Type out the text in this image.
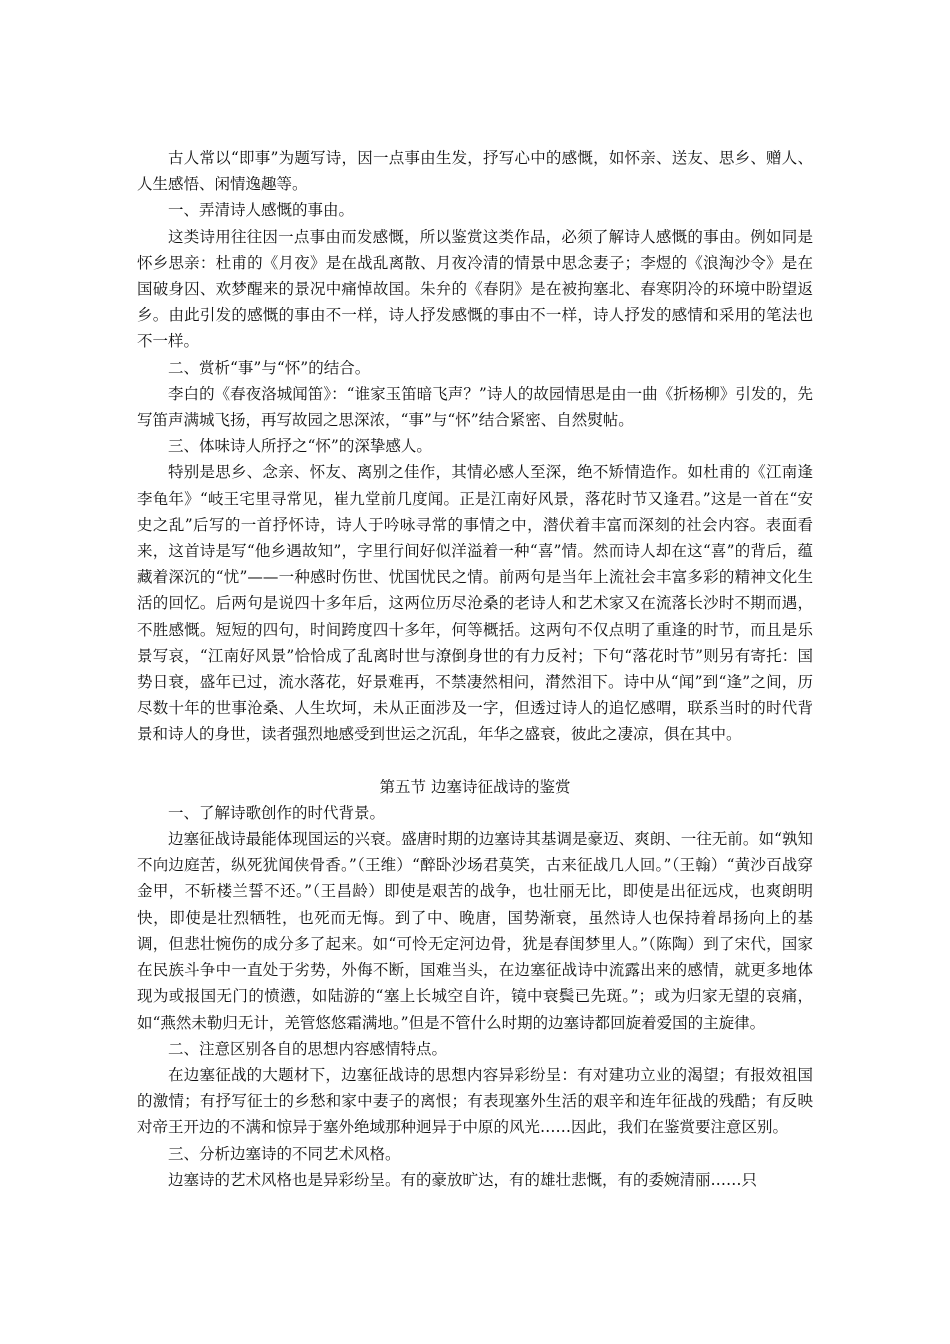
古人常以“即事”为题写诗，因一点事由生发，抒写心中的感慨，如怀亲、送友、思乡、赠人、人生感悟、闲情逸趣等。

一、弄清诗人感慨的事由。

这类诗用往往因一点事由而发感慨，所以鉴赏这类作品，必须了解诗人感慨的事由。例如同是怀乡思亲：杜甫的《月夜》是在战乱离散、月夜冷清的情景中思念妻子；李煜的《浪淘沙令》是在国破身囚、欢梦醒来的景况中痛悼故国。朱弁的《春阴》是在被拘塞北、春寒阴冷的环境中盼望返乡。由此引发的感慨的事由不一样，诗人抒发感慨的事由不一样，诗人抒发的感情和采用的笔法也不一样。

二、赏析“事”与“怀”的结合。

李白的《春夜洛城闻笛》：“谁家玉笛暗飞声？”诗人的故园情思是由一曲《折杨柳》引发的，先写笛声满城飞扬，再写故园之思深浓，“事”与“怀”结合紧密、自然熨帖。

三、体味诗人所抒之“怀”的深挚感人。

特别是思乡、念亲、怀友、离别之佳作，其情必感人至深，绝不矫情造作。如杜甫的《江南逢李龟年》“岐王宅里寻常见，崔九堂前几度闻。正是江南好风景，落花时节又逢君。”这是一首在“安史之乱”后写的一首抒怀诗，诗人于吟咏寻常的事情之中，潜伏着丰富而深刻的社会内容。表面看来，这首诗是写“他乡遇故知”，字里行间好似洋溢着一种“喜”情。然而诗人却在这“喜”的背后，蕴藏着深沉的“忧”——一种感时伤世、忧国忧民之情。前两句是当年上流社会丰富多彩的精神文化生活的回忆。后两句是说四十多年后，这两位历尽沧桑的老诗人和艺术家又在流落长沙时不期而遇，不胜感慨。短短的四句，时间跨度四十多年，何等概括。这两句不仅点明了重逢的时节，而且是乐景写哀，“江南好风景”恰恰成了乱离时世与潦倒身世的有力反衬；下句“落花时节”则另有寄托：国势日衰，盛年已过，流水落花，好景难再，不禁凄然相问，潸然泪下。诗中从“闻”到“逢”之间，历尽数十年的世事沧桑、人生坎坷，未从正面涉及一字，但透过诗人的追忆感喟，联系当时的时代背景和诗人的身世，读者强烈地感受到世运之沉乱，年华之盛衰，彼此之凄凉，俱在其中。

第五节 边塞诗征战诗的鉴赏

一、了解诗歌创作的时代背景。

边塞征战诗最能体现国运的兴衰。盛唐时期的边塞诗其基调是豪迈、爽朗、一往无前。如“孰知不向边庭苦，纵死犹闻侠骨香。”（王维）“醉卧沙场君莫笑，古来征战几人回。”（王翰）“黄沙百战穿金甲，不斩楼兰誓不还。”（王昌龄）即使是艰苦的战争，也壮丽无比，即使是出征远戍，也爽朗明快，即使是壮烈牺牲，也死而无悔。到了中、晚唐，国势渐衰，虽然诗人也保持着昂扬向上的基调，但悲壮惋伤的成分多了起来。如“可怜无定河边骨，犹是春闺梦里人。”（陈陶）到了宋代，国家在民族斗争中一直处于劣势，外侮不断，国难当头，在边塞征战诗中流露出来的感情，就更多地体现为或报国无门的愤懑，如陆游的“塞上长城空自许，镜中衰鬓已先斑。”；或为归家无望的哀痛，如“燕然未勒归无计，羌管悠悠霜满地。”但是不管什么时期的边塞诗都回旋着爱国的主旋律。

二、注意区别各自的思想内容感情特点。

在边塞征战的大题材下，边塞征战诗的思想内容异彩纷呈：有对建功立业的渴望；有报效祖国的激情；有抒写征士的乡愁和家中妻子的离恨；有表现塞外生活的艰辛和连年征战的残酷；有反映对帝王开边的不满和惊异于塞外绝域那种迥异于中原的风光……因此，我们在鉴赏要注意区别。

三、分析边塞诗的不同艺术风格。

边塞诗的艺术风格也是异彩纷呈。有的豪放旷达，有的雄壮悲慨，有的委婉清丽……只
